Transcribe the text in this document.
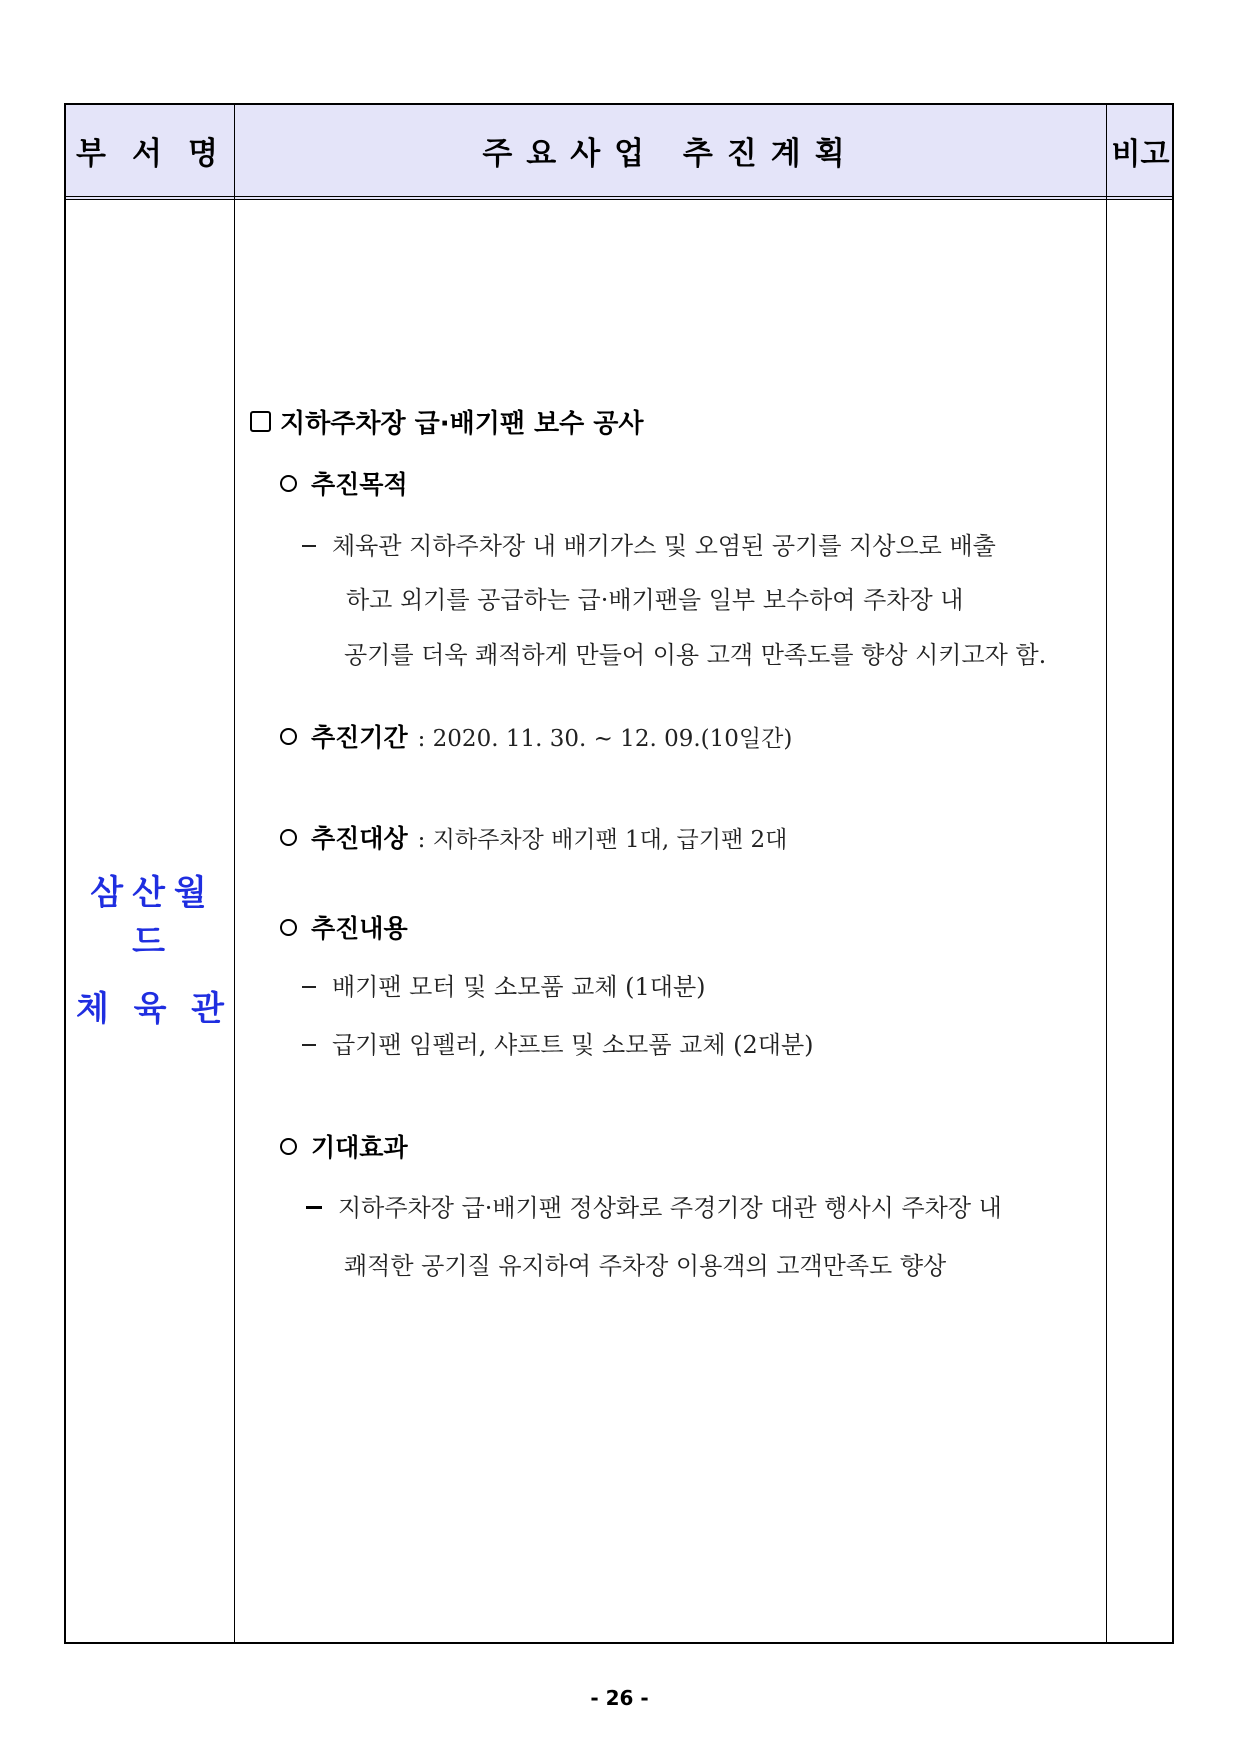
부 서 명	주요사업 추진계획	비고
삼산월드
체 육 관
지하주차장 급·배기팬 보수 공사
추진목적
체육관 지하주차장 내 배기가스 및 오염된 공기를 지상으로 배출
하고 외기를 공급하는 급·배기팬을 일부 보수하여 주차장 내
공기를 더욱 쾌적하게 만들어 이용 고객 만족도를 향상 시키고자 함.
추진기간 : 2020. 11. 30. ~ 12. 09.(10일간)
추진대상 : 지하주차장 배기팬 1대, 급기팬 2대
추진내용
배기팬 모터 및 소모품 교체 (1대분)
급기팬 임펠러, 샤프트 및 소모품 교체 (2대분)
기대효과
지하주차장 급·배기팬 정상화로 주경기장 대관 행사시 주차장 내
쾌적한 공기질 유지하여 주차장 이용객의 고객만족도 향상
- 26 -
